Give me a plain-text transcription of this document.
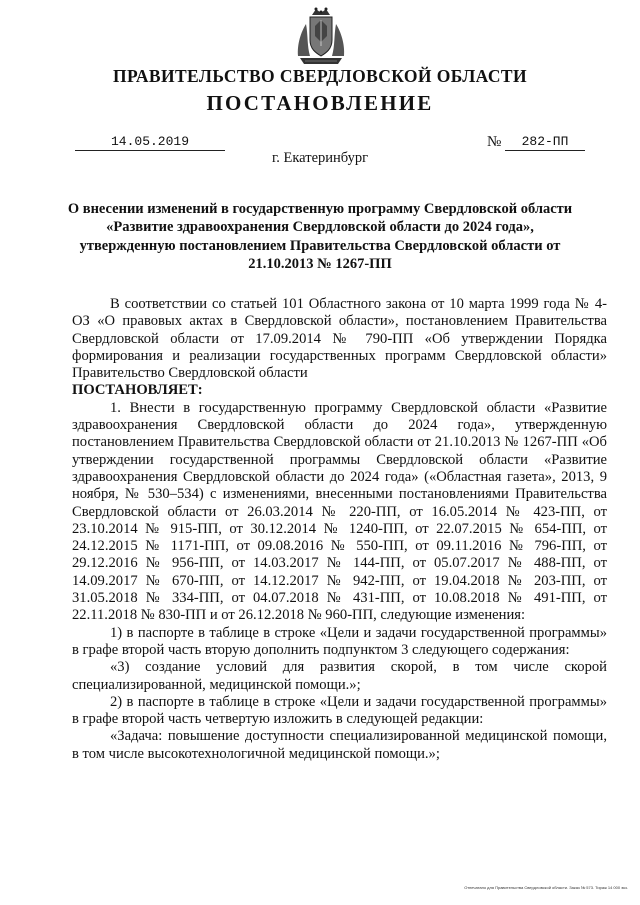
ПРАВИТЕЛЬСТВО СВЕРДЛОВСКОЙ ОБЛАСТИ
ПОСТАНОВЛЕНИЕ
14.05.2019	№	282-ПП
г. Екатеринбург
О внесении изменений в государственную программу Свердловской области «Развитие здравоохранения Свердловской области до 2024 года», утвержденную постановлением Правительства Свердловской области от 21.10.2013 № 1267-ПП

В соответствии со статьей 101 Областного закона от 10 марта 1999 года № 4-ОЗ «О правовых актах в Свердловской области», постановлением Правительства Свердловской области от 17.09.2014 № 790-ПП «Об утверждении Порядка формирования и реализации государственных программ Свердловской области» Правительство Свердловской области

ПОСТАНОВЛЯЕТ:

1. Внести в государственную программу Свердловской области «Развитие здравоохранения Свердловской области до 2024 года», утвержденную постановлением Правительства Свердловской области от 21.10.2013 № 1267-ПП «Об утверждении государственной программы Свердловской области «Развитие здравоохранения Свердловской области до 2024 года» («Областная газета», 2013, 9 ноября, № 530–534) с изменениями, внесенными постановлениями Правительства Свердловской области от 26.03.2014 № 220-ПП, от 16.05.2014 № 423-ПП, от 23.10.2014 № 915-ПП, от 30.12.2014 № 1240-ПП, от 22.07.2015 № 654-ПП, от 24.12.2015 № 1171-ПП, от 09.08.2016 № 550-ПП, от 09.11.2016 № 796-ПП, от 29.12.2016 № 956-ПП, от 14.03.2017 № 144-ПП, от 05.07.2017 № 488-ПП, от 14.09.2017 № 670-ПП, от 14.12.2017 № 942-ПП, от 19.04.2018 № 203-ПП, от 31.05.2018 № 334-ПП, от 04.07.2018 № 431-ПП, от 10.08.2018 № 491-ПП, от 22.11.2018 № 830-ПП и от 26.12.2018 № 960-ПП, следующие изменения:

1) в паспорте в таблице в строке «Цели и задачи государственной программы» в графе второй часть вторую дополнить подпунктом 3 следующего содержания:

«3) создание условий для развития скорой, в том числе скорой специализированной, медицинской помощи.»;

2) в паспорте в таблице в строке «Цели и задачи государственной программы» в графе второй часть четвертую изложить в следующей редакции:

«Задача: повышение доступности специализированной медицинской помощи, в том числе высокотехнологичной медицинской помощи.»;

Отпечатано для Правительства Свердловской области. Заказ № 573. Тираж 14 000 экз.
